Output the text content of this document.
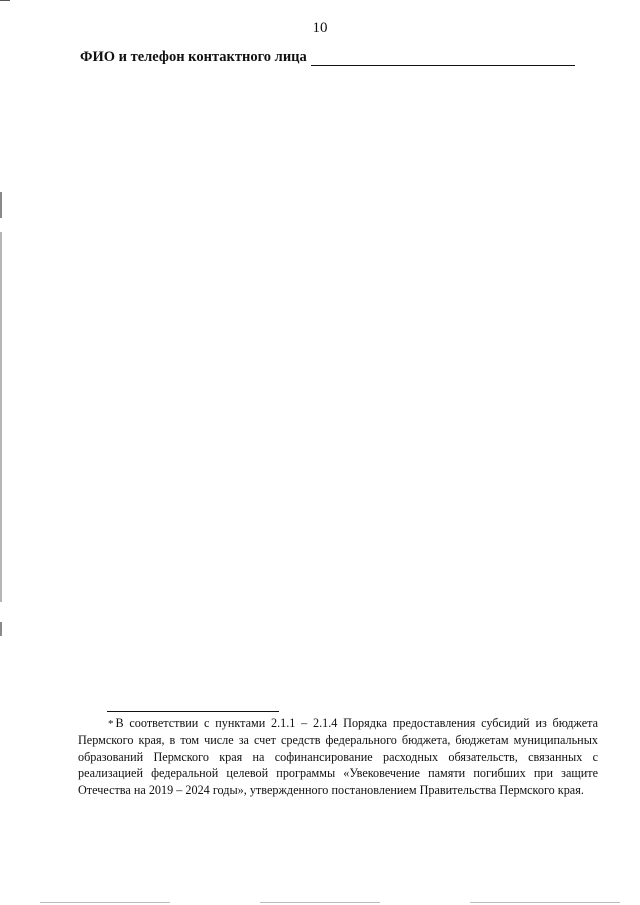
10
ФИО и телефон контактного лица
* В соответствии с пунктами 2.1.1 – 2.1.4 Порядка предоставления субсидий из бюджета Пермского края, в том числе за счет средств федерального бюджета, бюджетам муниципальных образований Пермского края на софинансирование расходных обязательств, связанных с реализацией федеральной целевой программы «Увековечение памяти погибших при защите Отечества на 2019 – 2024 годы», утвержденного постановлением Правительства Пермского края.
